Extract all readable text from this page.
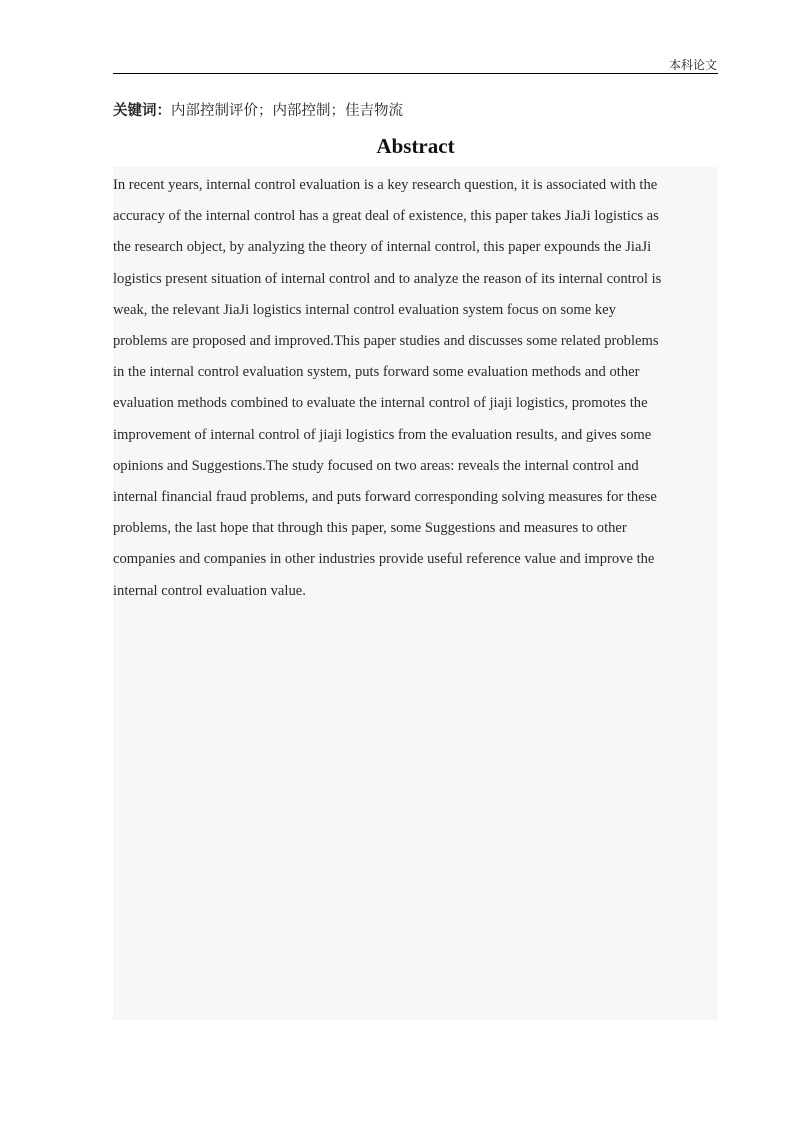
本科论文
关键词：内部控制评价；内部控制；佳吉物流
Abstract

In recent years, internal control evaluation is a key research question, it is associated with the
accuracy of the internal control has a great deal of existence, this paper takes JiaJi logistics as
the research object, by analyzing the theory of internal control, this paper expounds the JiaJi
logistics present situation of internal control and to analyze the reason of its internal control is
weak, the relevant JiaJi logistics internal control evaluation system focus on some key
problems are proposed and improved.This paper studies and discusses some related problems
in the internal control evaluation system, puts forward some evaluation methods and other
evaluation methods combined to evaluate the internal control of jiaji logistics, promotes the
improvement of internal control of jiaji logistics from the evaluation results, and gives some
opinions and Suggestions.The study focused on two areas: reveals the internal control and
internal financial fraud problems, and puts forward corresponding solving measures for these
problems, the last hope that through this paper, some Suggestions and measures to other
companies and companies in other industries provide useful reference value and improve the
internal control evaluation value.
